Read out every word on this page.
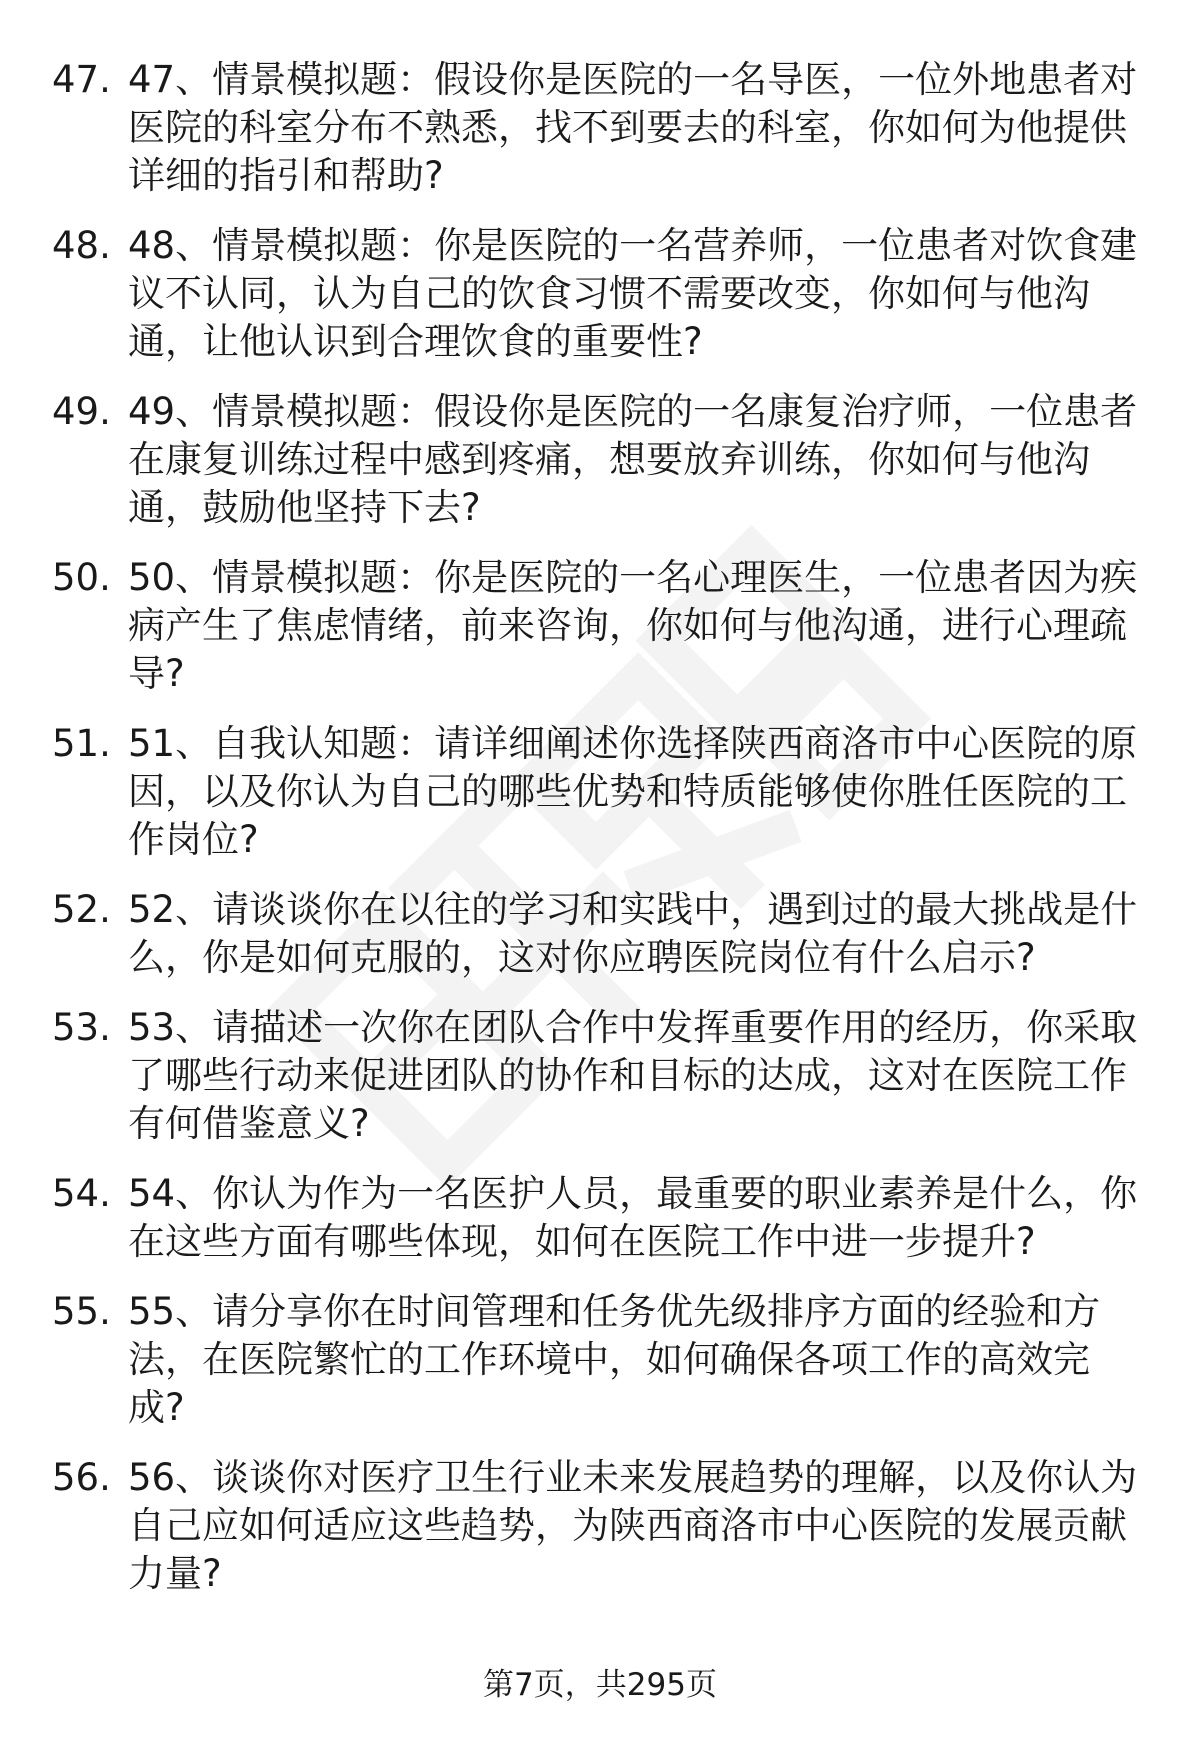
47. 47、情景模拟题：假设你是医院的一名导医，一位外地患者对医院的科室分布不熟悉，找不到要去的科室，你如何为他提供详细的指引和帮助?
48. 48、情景模拟题：你是医院的一名营养师，一位患者对饮食建议不认同，认为自己的饮食习惯不需要改变，你如何与他沟通，让他认识到合理饮食的重要性?
49. 49、情景模拟题：假设你是医院的一名康复治疗师，一位患者在康复训练过程中感到疼痛，想要放弃训练，你如何与他沟通，鼓励他坚持下去?
50. 50、情景模拟题：你是医院的一名心理医生，一位患者因为疾病产生了焦虑情绪，前来咨询，你如何与他沟通，进行心理疏导?
51. 51、自我认知题：请详细阐述你选择陕西商洛市中心医院的原因，以及你认为自己的哪些优势和特质能够使你胜任医院的工作岗位?
52. 52、请谈谈你在以往的学习和实践中，遇到过的最大挑战是什么，你是如何克服的，这对你应聘医院岗位有什么启示?
53. 53、请描述一次你在团队合作中发挥重要作用的经历，你采取了哪些行动来促进团队的协作和目标的达成，这对在医院工作有何借鉴意义?
54. 54、你认为作为一名医护人员，最重要的职业素养是什么，你在这些方面有哪些体现，如何在医院工作中进一步提升?
55. 55、请分享你在时间管理和任务优先级排序方面的经验和方法，在医院繁忙的工作环境中，如何确保各项工作的高效完成?
56. 56、谈谈你对医疗卫生行业未来发展趋势的理解，以及你认为自己应如何适应这些趋势，为陕西商洛市中心医院的发展贡献力量?
第7页，共295页
